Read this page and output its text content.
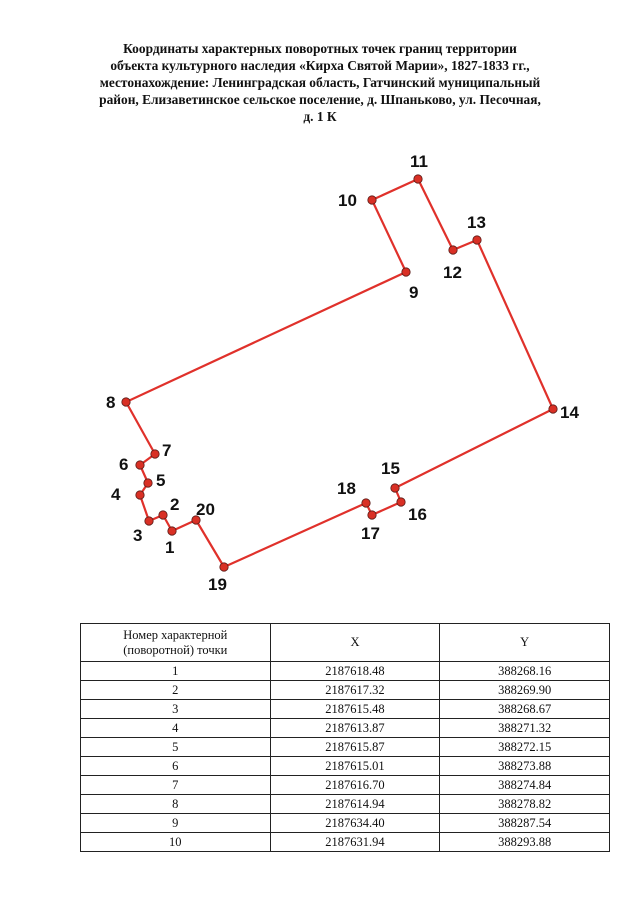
Координаты характерных поворотных точек границ территории
объекта культурного наследия «Кирха Святой Марии», 1827-1833 гг.,
местонахождение: Ленинградская область, Гатчинский муниципальный
район, Елизаветинское сельское поселение, д. Шпаньково, ул. Песочная,
д. 1 К
1
2
3
4
5
6
7
8
9
10
11
12
13
14
15
16
17
18
19
20
Номер характерной
(поворотной) точки	X	Y
1	2187618.48	388268.16
2	2187617.32	388269.90
3	2187615.48	388268.67
4	2187613.87	388271.32
5	2187615.87	388272.15
6	2187615.01	388273.88
7	2187616.70	388274.84
8	2187614.94	388278.82
9	2187634.40	388287.54
10	2187631.94	388293.88
